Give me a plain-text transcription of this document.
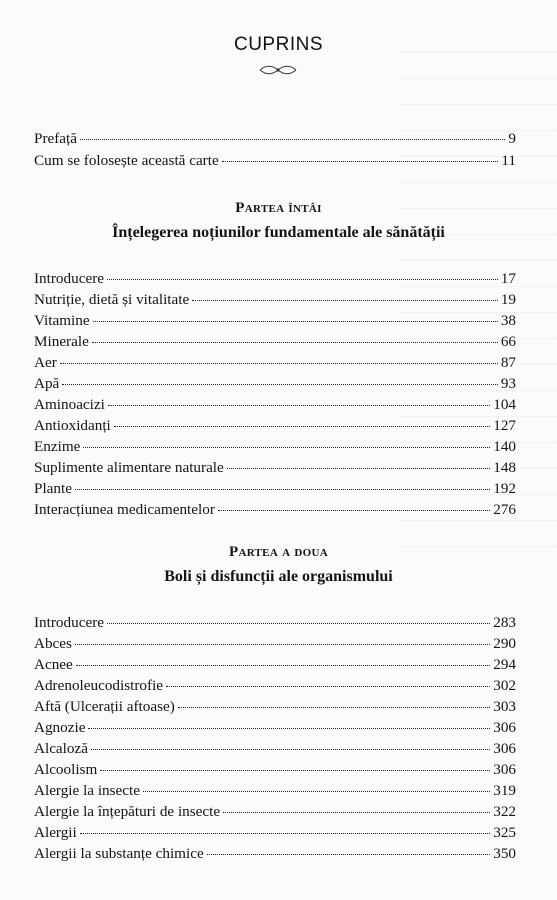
CUPRINS
Prefață	9
Cum se folosește această carte	11
Partea întâi
Înțelegerea noțiunilor fundamentale ale sănătății
Introducere	17
Nutriție, dietă și vitalitate	19
Vitamine	38
Minerale	66
Aer	87
Apă	93
Aminoacizi	104
Antioxidanți	127
Enzime	140
Suplimente alimentare naturale	148
Plante	192
Interacțiunea medicamentelor	276
Partea a doua
Boli și disfuncții ale organismului
Introducere	283
Abces	290
Acnee	294
Adrenoleucodistrofie	302
Aftă (Ulcerații aftoase)	303
Agnozie	306
Alcaloză	306
Alcoolism	306
Alergie la insecte	319
Alergie la înțepături de insecte	322
Alergii	325
Alergii la substanțe chimice	350
